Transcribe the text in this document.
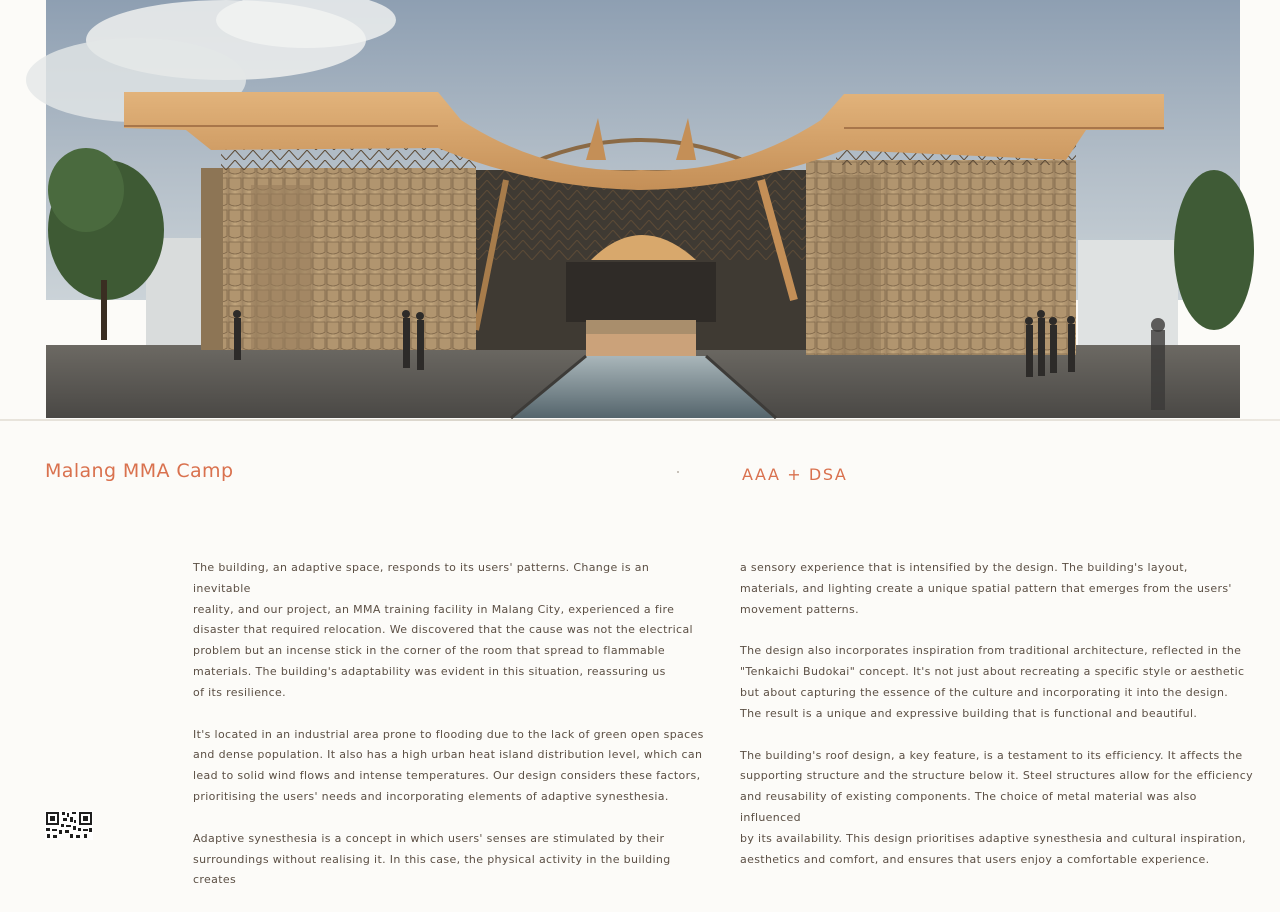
Malang MMA Camp	AAA + DSA

The building, an adaptive space, responds to its users' patterns. Change is an inevitable
reality, and our project, an MMA training facility in Malang City, experienced a fire
disaster that required relocation. We discovered that the cause was not the electrical
problem but an incense stick in the corner of the room that spread to flammable
materials. The building's adaptability was evident in this situation, reassuring us
of its resilience.

It's located in an industrial area prone to flooding due to the lack of green open spaces
and dense population. It also has a high urban heat island distribution level, which can
lead to solid wind flows and intense temperatures. Our design considers these factors,
prioritising the users' needs and incorporating elements of adaptive synesthesia.

Adaptive synesthesia is a concept in which users' senses are stimulated by their
surroundings without realising it. In this case, the physical activity in the building creates

a sensory experience that is intensified by the design. The building's layout,
materials, and lighting create a unique spatial pattern that emerges from the users'
movement patterns.

The design also incorporates inspiration from traditional architecture, reflected in the
"Tenkaichi Budokai" concept. It's not just about recreating a specific style or aesthetic
but about capturing the essence of the culture and incorporating it into the design.
The result is a unique and expressive building that is functional and beautiful.

The building's roof design, a key feature, is a testament to its efficiency. It affects the
supporting structure and the structure below it. Steel structures allow for the efficiency
and reusability of existing components. The choice of metal material was also influenced
by its availability. This design prioritises adaptive synesthesia and cultural inspiration,
aesthetics and comfort, and ensures that users enjoy a comfortable experience.
